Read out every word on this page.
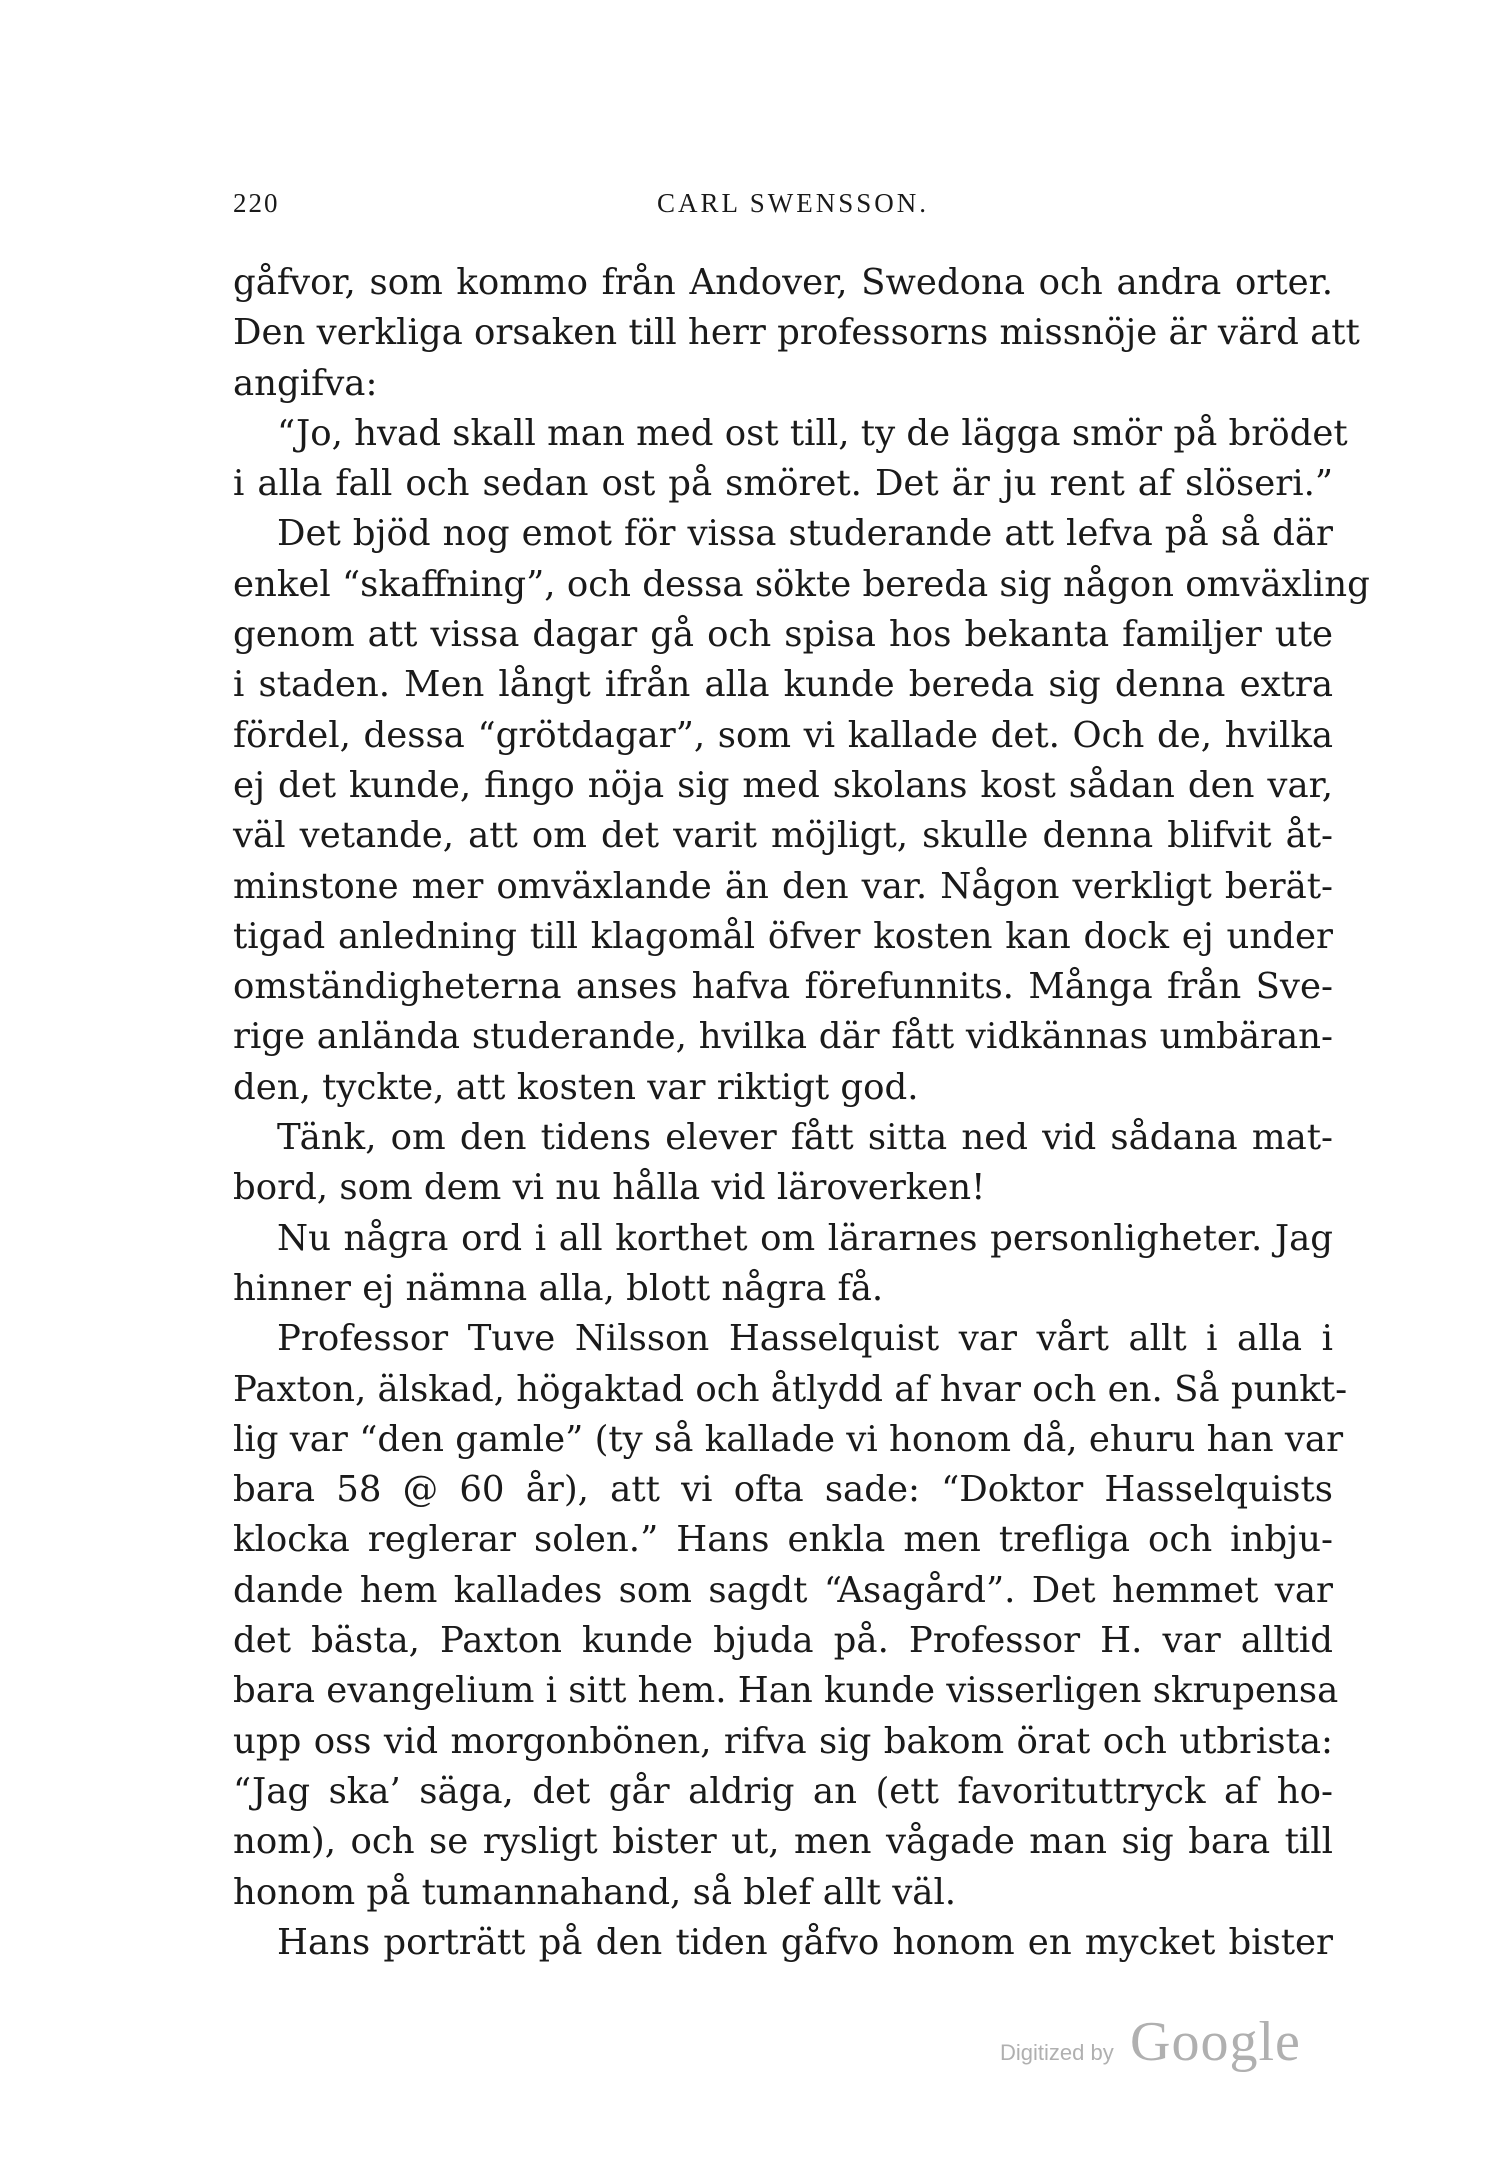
220	CARL SWENSSON.
gåfvor, som kommo från Andover, Swedona och andra orter.
Den verkliga orsaken till herr professorns missnöje är värd att
angifva:
“Jo, hvad skall man med ost till, ty de lägga smör på brödet
i alla fall och sedan ost på smöret. Det är ju rent af slöseri.”
Det bjöd nog emot för vissa studerande att lefva på så där
enkel “skaffning”, och dessa sökte bereda sig någon omväxling
genom att vissa dagar gå och spisa hos bekanta familjer ute
i staden. Men långt ifrån alla kunde bereda sig denna extra
fördel, dessa “grötdagar”, som vi kallade det. Och de, hvilka
ej det kunde, fingo nöja sig med skolans kost sådan den var,
väl vetande, att om det varit möjligt, skulle denna blifvit åt-
minstone mer omväxlande än den var. Någon verkligt berät-
tigad anledning till klagomål öfver kosten kan dock ej under
omständigheterna anses hafva förefunnits. Många från Sve-
rige anlända studerande, hvilka där fått vidkännas umbäran-
den, tyckte, att kosten var riktigt god.
Tänk, om den tidens elever fått sitta ned vid sådana mat-
bord, som dem vi nu hålla vid läroverken!
Nu några ord i all korthet om lärarnes personligheter. Jag
hinner ej nämna alla, blott några få.
Professor Tuve Nilsson Hasselquist var vårt allt i alla i
Paxton, älskad, högaktad och åtlydd af hvar och en. Så punkt-
lig var “den gamle” (ty så kallade vi honom då, ehuru han var
bara 58 @ 60 år), att vi ofta sade: “Doktor Hasselquists
klocka reglerar solen.” Hans enkla men trefliga och inbju-
dande hem kallades som sagdt “Asagård”. Det hemmet var
det bästa, Paxton kunde bjuda på. Professor H. var alltid
bara evangelium i sitt hem. Han kunde visserligen skrupensa
upp oss vid morgonbönen, rifva sig bakom örat och utbrista:
“Jag ska’ säga, det går aldrig an (ett favorituttryck af ho-
nom), och se rysligt bister ut, men vågade man sig bara till
honom på tumannahand, så blef allt väl.
Hans porträtt på den tiden gåfvo honom en mycket bister
Digitized by Google
